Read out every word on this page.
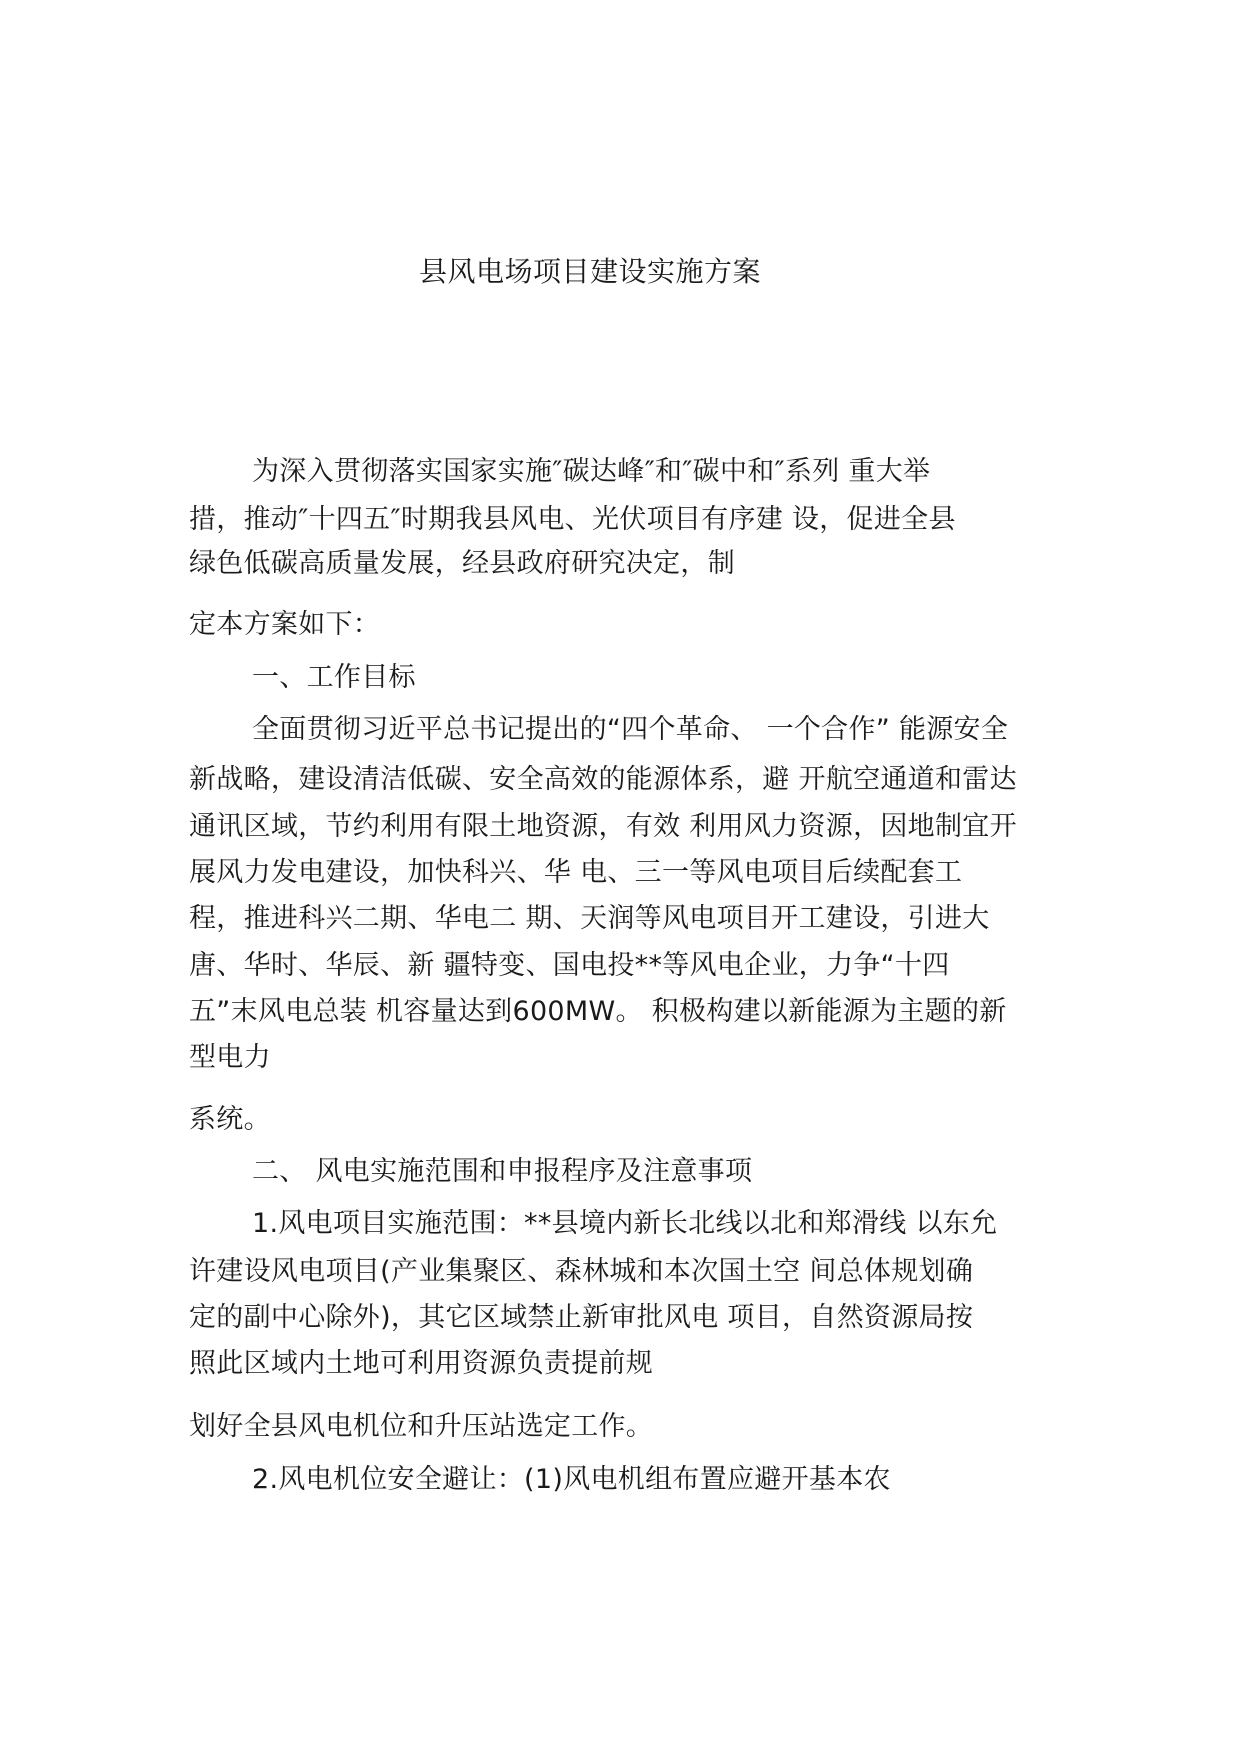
县风电场项目建设实施方案
为深入贯彻落实国家实施″碳达峰″和″碳中和″系列 重大举
措，推动″十四五″时期我县风电、光伏项目有序建 设，促进全县
绿色低碳高质量发展，经县政府研究决定，制
定本方案如下：
一、工作目标
全面贯彻习近平总书记提出的“四个革命、 一个合作” 能源安全
新战略，建设清洁低碳、安全高效的能源体系，避 开航空通道和雷达
通讯区域，节约利用有限土地资源，有效 利用风力资源，因地制宜开
展风力发电建设，加快科兴、华 电、三一等风电项目后续配套工
程，推进科兴二期、华电二 期、天润等风电项目开工建设，引进大
唐、华时、华辰、新 疆特变、国电投**等风电企业，力争“十四
五”末风电总装 机容量达到600MW。 积极构建以新能源为主题的新
型电力
系统。
二、 风电实施范围和申报程序及注意事项
1.风电项目实施范围：**县境内新长北线以北和郑滑线 以东允
许建设风电项目(产业集聚区、森林城和本次国土空 间总体规划确
定的副中心除外)，其它区域禁止新审批风电 项目，自然资源局按
照此区域内土地可利用资源负责提前规
划好全县风电机位和升压站选定工作。
2.风电机位安全避让：(1)风电机组布置应避开基本农
